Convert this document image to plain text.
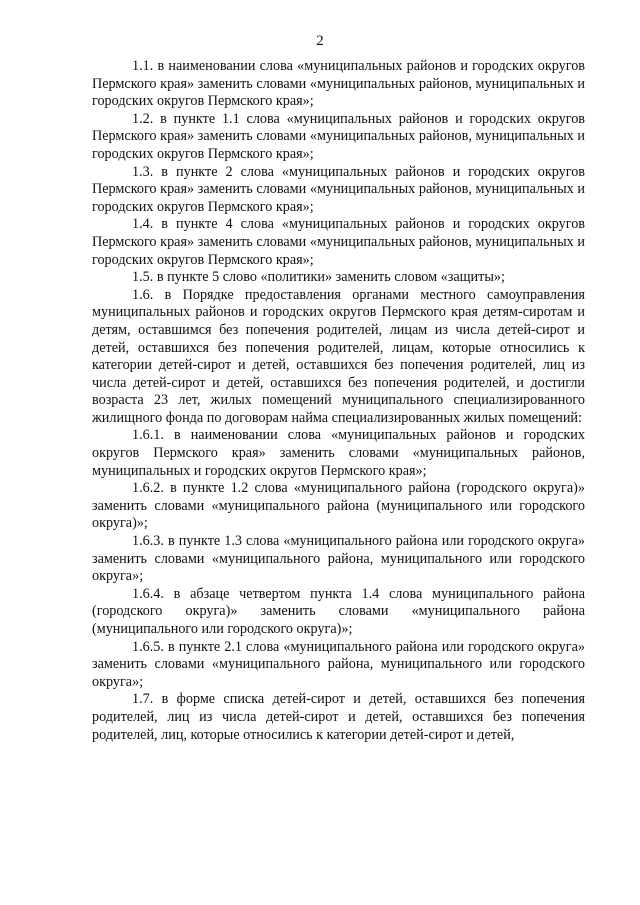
2

1.1. в наименовании слова «муниципальных районов и городских округов Пермского края» заменить словами «муниципальных районов, муниципальных и городских округов Пермского края»;

1.2. в пункте 1.1 слова «муниципальных районов и городских округов Пермского края» заменить словами «муниципальных районов, муниципальных и городских округов Пермского края»;

1.3. в пункте 2 слова «муниципальных районов и городских округов Пермского края» заменить словами «муниципальных районов, муниципальных и городских округов Пермского края»;

1.4. в пункте 4 слова «муниципальных районов и городских округов Пермского края» заменить словами «муниципальных районов, муниципальных и городских округов Пермского края»;

1.5. в пункте 5 слово «политики» заменить словом «защиты»;

1.6. в Порядке предоставления органами местного самоуправления муниципальных районов и городских округов Пермского края детям-сиротам и детям, оставшимся без попечения родителей, лицам из числа детей-сирот и детей, оставшихся без попечения родителей, лицам, которые относились к категории детей-сирот и детей, оставшихся без попечения родителей, лиц из числа детей-сирот и детей, оставшихся без попечения родителей, и достигли возраста 23 лет, жилых помещений муниципального специализированного жилищного фонда по договорам найма специализированных жилых помещений:

1.6.1. в наименовании слова «муниципальных районов и городских округов Пермского края» заменить словами «муниципальных районов, муниципальных и городских округов Пермского края»;

1.6.2. в пункте 1.2 слова «муниципального района (городского округа)» заменить словами «муниципального района (муниципального или городского округа)»;

1.6.3. в пункте 1.3 слова «муниципального района или городского округа» заменить словами «муниципального района, муниципального или городского округа»;

1.6.4. в абзаце четвертом пункта 1.4 слова муниципального района (городского округа)» заменить словами «муниципального района (муниципального или городского округа)»;

1.6.5. в пункте 2.1 слова «муниципального района или городского округа» заменить словами «муниципального района, муниципального или городского округа»;

1.7. в форме списка детей-сирот и детей, оставшихся без попечения родителей, лиц из числа детей-сирот и детей, оставшихся без попечения родителей, лиц, которые относились к категории детей-сирот и детей,
